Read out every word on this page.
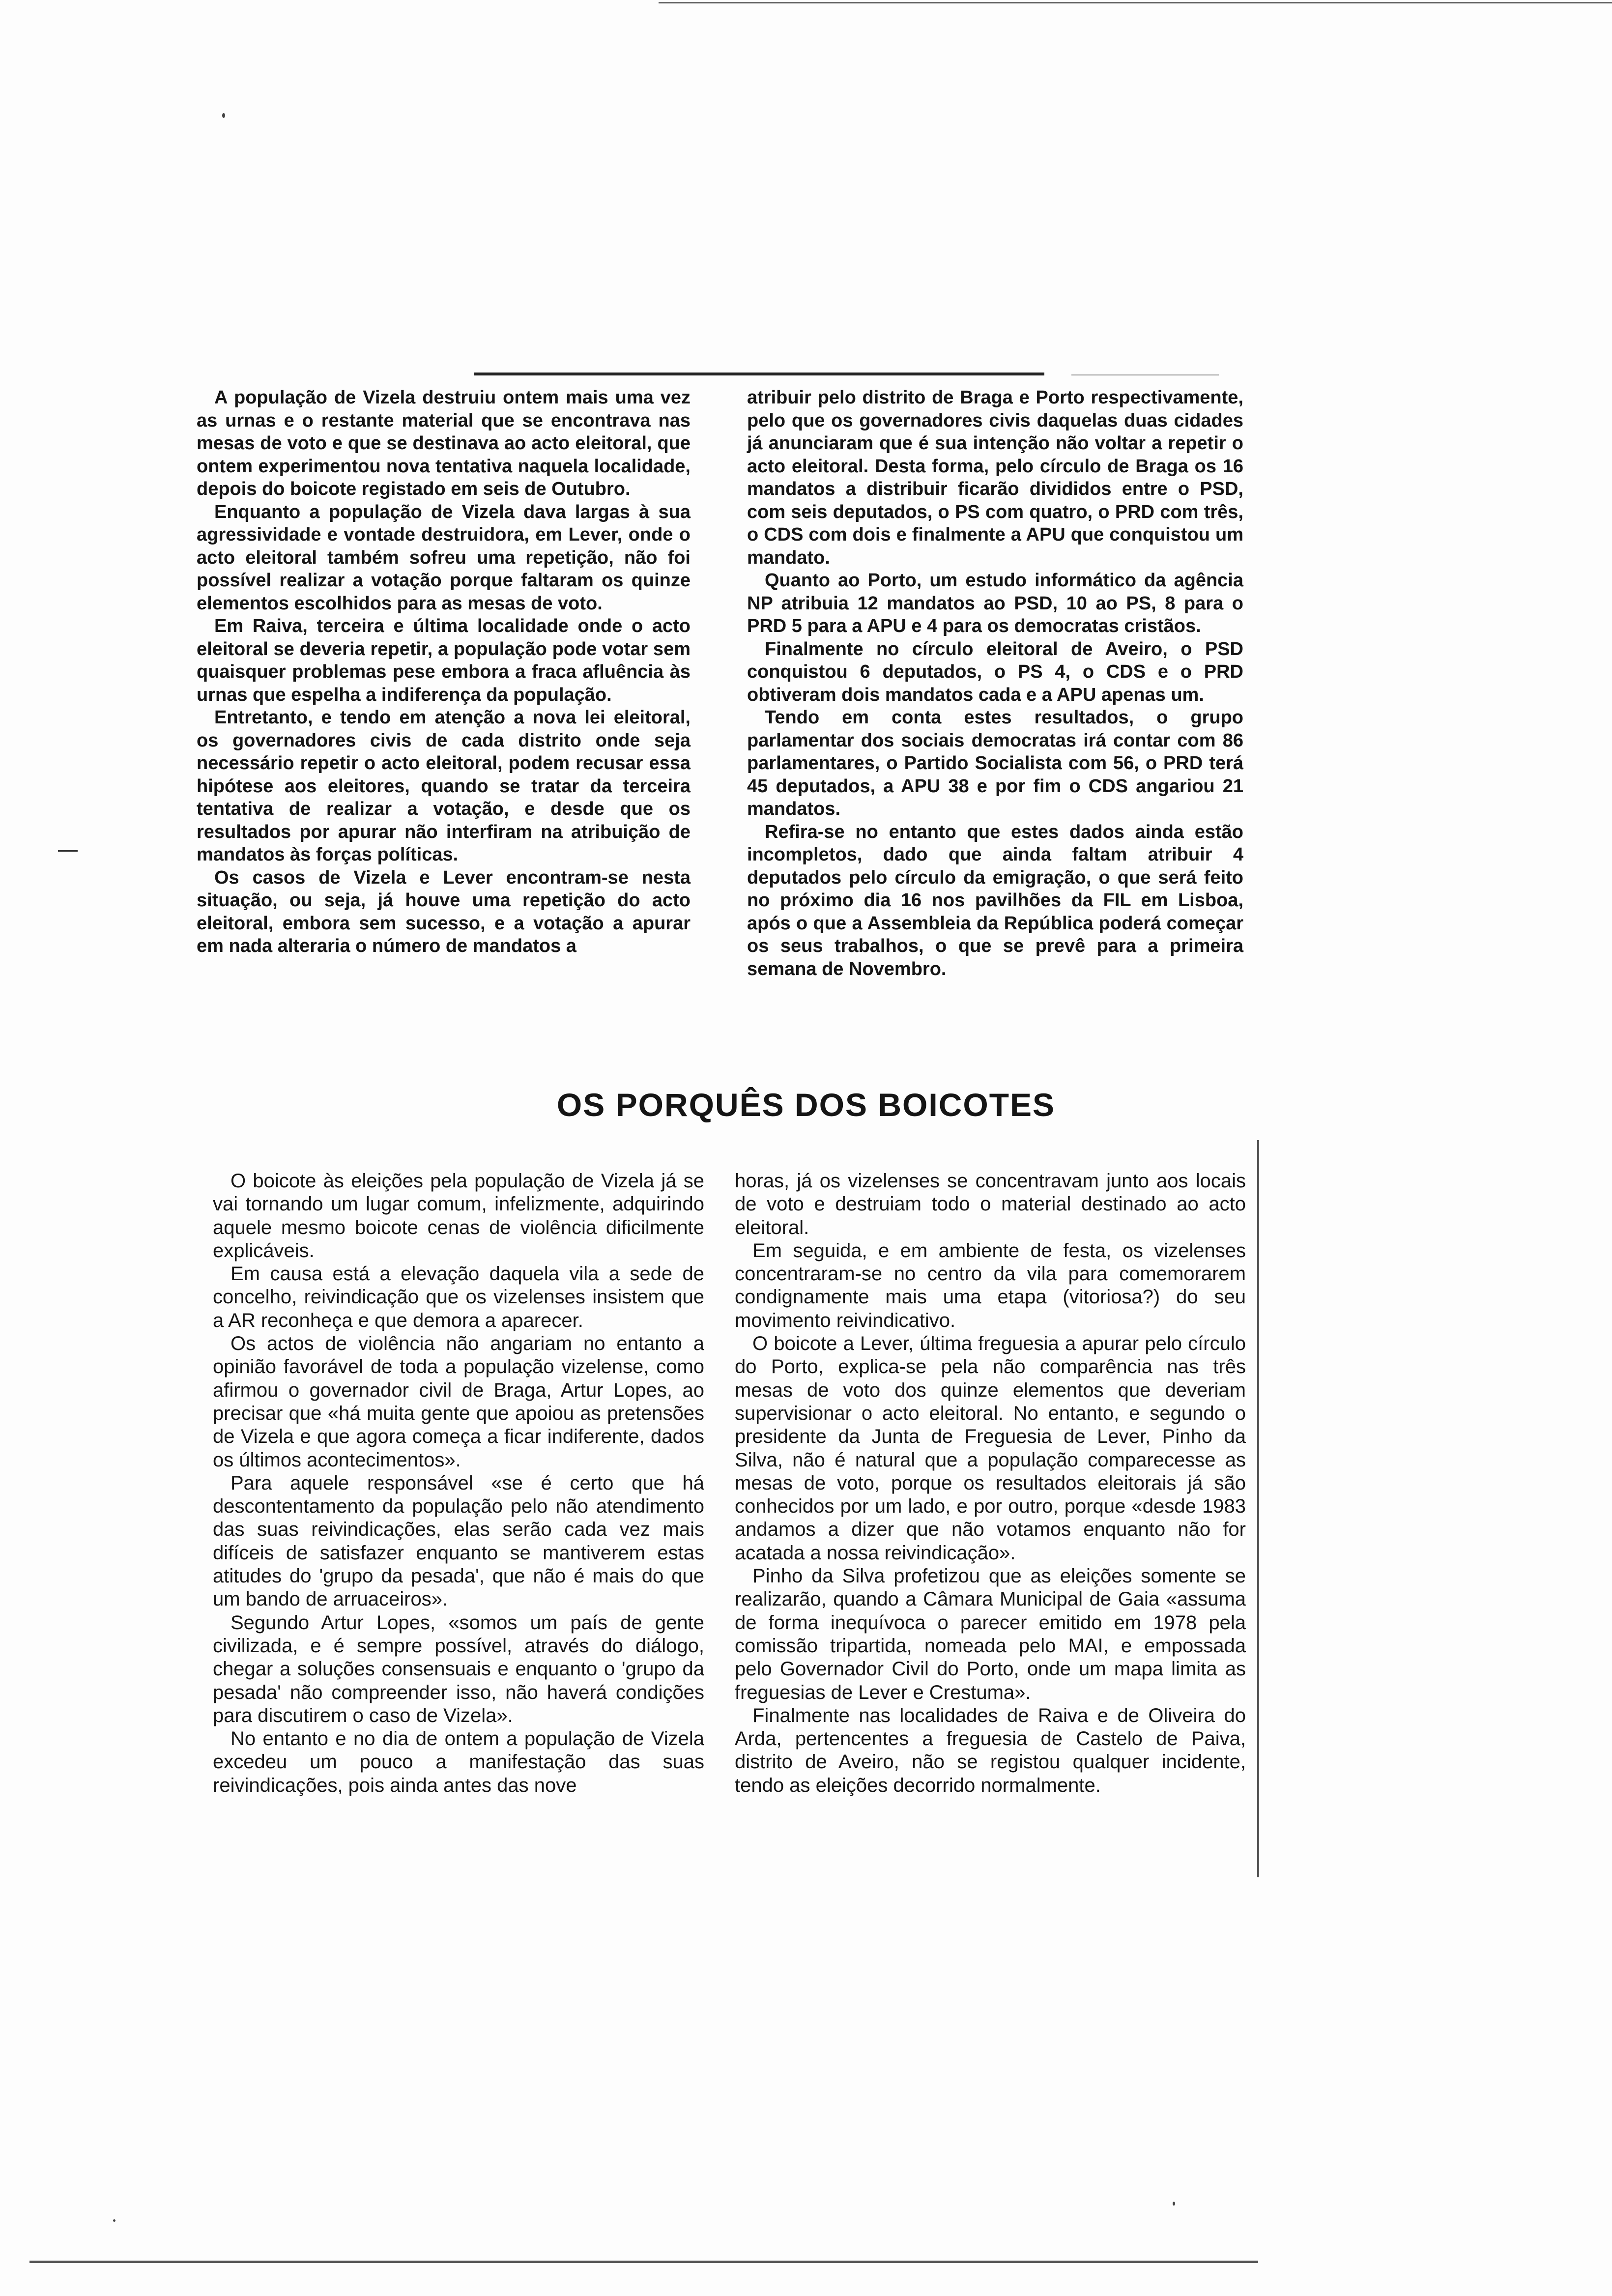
A população de Vizela destruiu ontem mais uma vez as urnas e o restante material que se encontrava nas mesas de voto e que se destinava ao acto eleitoral, que ontem experimentou nova tentativa naquela localidade, depois do boicote registado em seis de Outubro.

Enquanto a população de Vizela dava largas à sua agressividade e vontade destruidora, em Lever, onde o acto eleitoral também sofreu uma repetição, não foi possível realizar a votação porque faltaram os quinze elementos escolhidos para as mesas de voto.

Em Raiva, terceira e última localidade onde o acto eleitoral se deveria repetir, a população pode votar sem quaisquer problemas pese embora a fraca afluência às urnas que espelha a indiferença da população.

Entretanto, e tendo em atenção a nova lei eleitoral, os governadores civis de cada distrito onde seja necessário repetir o acto eleitoral, podem recusar essa hipótese aos eleitores, quando se tratar da terceira tentativa de realizar a votação, e desde que os resultados por apurar não interfiram na atribuição de mandatos às forças políticas.

Os casos de Vizela e Lever encontram-se nesta situação, ou seja, já houve uma repetição do acto eleitoral, embora sem sucesso, e a votação a apurar em nada alteraria o número de mandatos a

atribuir pelo distrito de Braga e Porto respectivamente, pelo que os governadores civis daquelas duas cidades já anunciaram que é sua intenção não voltar a repetir o acto eleitoral. Desta forma, pelo círculo de Braga os 16 mandatos a distribuir ficarão divididos entre o PSD, com seis deputados, o PS com quatro, o PRD com três, o CDS com dois e finalmente a APU que conquistou um mandato.

Quanto ao Porto, um estudo informático da agência NP atribuia 12 mandatos ao PSD, 10 ao PS, 8 para o PRD 5 para a APU e 4 para os democratas cristãos.

Finalmente no círculo eleitoral de Aveiro, o PSD conquistou 6 deputados, o PS 4, o CDS e o PRD obtiveram dois mandatos cada e a APU apenas um.

Tendo em conta estes resultados, o grupo parlamentar dos sociais democratas irá contar com 86 parlamentares, o Partido Socialista com 56, o PRD terá 45 deputados, a APU 38 e por fim o CDS angariou 21 mandatos.

Refira-se no entanto que estes dados ainda estão incompletos, dado que ainda faltam atribuir 4 deputados pelo círculo da emigração, o que será feito no próximo dia 16 nos pavilhões da FIL em Lisboa, após o que a Assembleia da República poderá começar os seus trabalhos, o que se prevê para a primeira semana de Novembro.

OS PORQUÊS DOS BOICOTES

O boicote às eleições pela população de Vizela já se vai tornando um lugar comum, infelizmente, adquirindo aquele mesmo boicote cenas de violência dificilmente explicáveis.

Em causa está a elevação daquela vila a sede de concelho, reivindicação que os vizelenses insistem que a AR reconheça e que demora a aparecer.

Os actos de violência não angariam no entanto a opinião favorável de toda a população vizelense, como afirmou o governador civil de Braga, Artur Lopes, ao precisar que «há muita gente que apoiou as pretensões de Vizela e que agora começa a ficar indiferente, dados os últimos acontecimentos».

Para aquele responsável «se é certo que há descontentamento da população pelo não atendimento das suas reivindicações, elas serão cada vez mais difíceis de satisfazer enquanto se mantiverem estas atitudes do 'grupo da pesada', que não é mais do que um bando de arruaceiros».

Segundo Artur Lopes, «somos um país de gente civilizada, e é sempre possível, através do diálogo, chegar a soluções consensuais e enquanto o 'grupo da pesada' não compreender isso, não haverá condições para discutirem o caso de Vizela».

No entanto e no dia de ontem a população de Vizela excedeu um pouco a manifestação das suas reivindicações, pois ainda antes das nove

horas, já os vizelenses se concentravam junto aos locais de voto e destruiam todo o material destinado ao acto eleitoral.

Em seguida, e em ambiente de festa, os vizelenses concentraram-se no centro da vila para comemorarem condignamente mais uma etapa (vitoriosa?) do seu movimento reivindicativo.

O boicote a Lever, última freguesia a apurar pelo círculo do Porto, explica-se pela não comparência nas três mesas de voto dos quinze elementos que deveriam supervisionar o acto eleitoral. No entanto, e segundo o presidente da Junta de Freguesia de Lever, Pinho da Silva, não é natural que a população comparecesse as mesas de voto, porque os resultados eleitorais já são conhecidos por um lado, e por outro, porque «desde 1983 andamos a dizer que não votamos enquanto não for acatada a nossa reivindicação».

Pinho da Silva profetizou que as eleições somente se realizarão, quando a Câmara Municipal de Gaia «assuma de forma inequívoca o parecer emitido em 1978 pela comissão tripartida, nomeada pelo MAI, e empossada pelo Governador Civil do Porto, onde um mapa limita as freguesias de Lever e Crestuma».

Finalmente nas localidades de Raiva e de Oliveira do Arda, pertencentes a freguesia de Castelo de Paiva, distrito de Aveiro, não se registou qualquer incidente, tendo as eleições decorrido normalmente.
